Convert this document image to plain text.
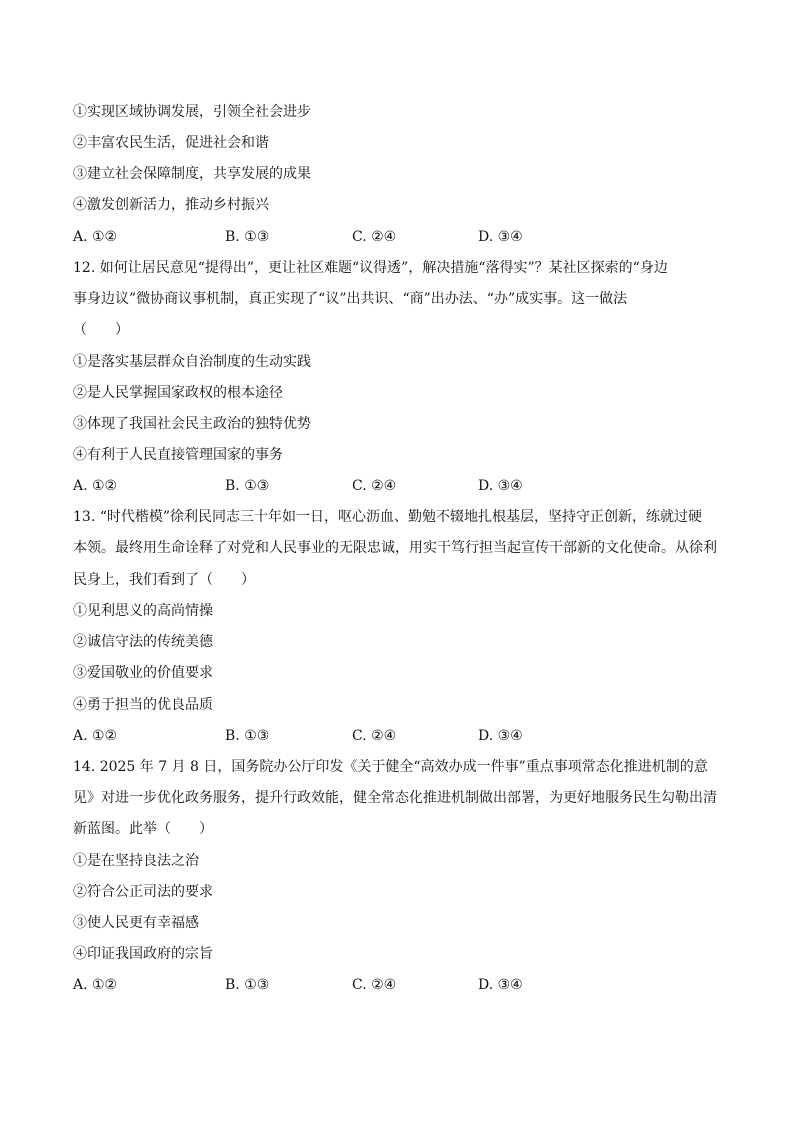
①实现区域协调发展，引领全社会进步
②丰富农民生活，促进社会和谐
③建立社会保障制度，共享发展的成果
④激发创新活力，推动乡村振兴
A. ①②	B. ①③	C. ②④	D. ③④
12. 如何让居民意见“提得出”，更让社区难题“议得透”，解决措施“落得实”？某社区探索的“身边
事身边议”微协商议事机制，真正实现了“议”出共识、“商”出办法、“办”成实事。这一做法
（　　）
①是落实基层群众自治制度的生动实践
②是人民掌握国家政权的根本途径
③体现了我国社会民主政治的独特优势
④有利于人民直接管理国家的事务
A. ①②	B. ①③	C. ②④	D. ③④
13. “时代楷模”徐利民同志三十年如一日，呕心沥血、勤勉不辍地扎根基层，坚持守正创新，练就过硬
本领。最终用生命诠释了对党和人民事业的无限忠诚，用实干笃行担当起宣传干部新的文化使命。从徐利
民身上，我们看到了（　　）
①见利思义的高尚情操
②诚信守法的传统美德
③爱国敬业的价值要求
④勇于担当的优良品质
A. ①②	B. ①③	C. ②④	D. ③④
14. 2025 年 7 月 8 日，国务院办公厅印发《关于健全“高效办成一件事”重点事项常态化推进机制的意
见》对进一步优化政务服务，提升行政效能，健全常态化推进机制做出部署，为更好地服务民生勾勒出清
新蓝图。此举（　　）
①是在坚持良法之治
②符合公正司法的要求
③使人民更有幸福感
④印证我国政府的宗旨
A. ①②	B. ①③	C. ②④	D. ③④
